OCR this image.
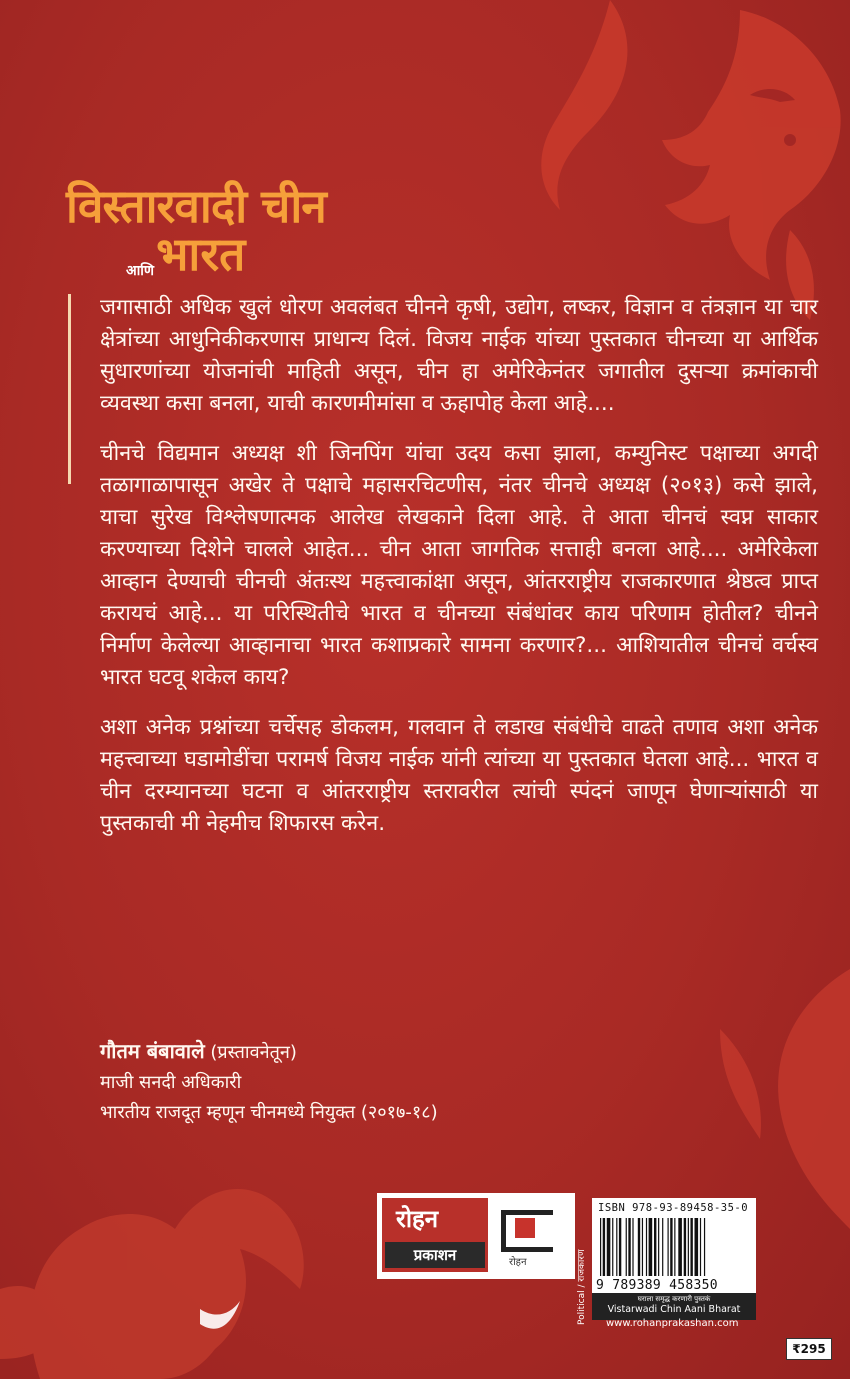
विस्तारवादी चीन
आणिभारत

जगासाठी अधिक खुलं धोरण अवलंबत चीनने कृषी, उद्योग, लष्कर, विज्ञान व तंत्रज्ञान या चार क्षेत्रांच्या आधुनिकीकरणास प्राधान्य दिलं. विजय नाईक यांच्या पुस्तकात चीनच्या या आर्थिक सुधारणांच्या योजनांची माहिती असून, चीन हा अमेरिकेनंतर जगातील दुसऱ्या क्रमांकाची व्यवस्था कसा बनला, याची कारणमीमांसा व ऊहापोह केला आहे....

चीनचे विद्यमान अध्यक्ष शी जिनपिंग यांचा उदय कसा झाला, कम्युनिस्ट पक्षाच्या अगदी तळागाळापासून अखेर ते पक्षाचे महासरचिटणीस, नंतर चीनचे अध्यक्ष (२०१३) कसे झाले, याचा सुरेख विश्लेषणात्मक आलेख लेखकाने दिला आहे. ते आता चीनचं स्वप्न साकार करण्याच्या दिशेने चालले आहेत... चीन आता जागतिक सत्ताही बनला आहे.... अमेरिकेला आव्हान देण्याची चीनची अंतःस्थ महत्त्वाकांक्षा असून, आंतरराष्ट्रीय राजकारणात श्रेष्ठत्व प्राप्त करायचं आहे... या परिस्थितीचे भारत व चीनच्या संबंधांवर काय परिणाम होतील? चीनने निर्माण केलेल्या आव्हानाचा भारत कशाप्रकारे सामना करणार?... आशियातील चीनचं वर्चस्व भारत घटवू शकेल काय?

अशा अनेक प्रश्नांच्या चर्चेसह डोकलम, गलवान ते लडाख संबंधीचे वाढते तणाव अशा अनेक महत्त्वाच्या घडामोडींचा परामर्ष विजय नाईक यांनी त्यांच्या या पुस्तकात घेतला आहे... भारत व चीन दरम्यानच्या घटना व आंतरराष्ट्रीय स्तरावरील त्यांची स्पंदनं जाणून घेणाऱ्यांसाठी या पुस्तकाची मी नेहमीच शिफारस करेन.

गौतम बंबावाले (प्रस्तावनेतून)
माजी सनदी अधिकारी
भारतीय राजदूत म्हणून चीनमध्ये नियुक्त (२०१७-१८)
रोहन
प्रकाशन	रोहन	Political / राजकारण
ISBN 978-93-89458-35-0
9 789389 458350
घराला समृद्ध करणारी पुस्तकं
Vistarwadi Chin Aani Bharat
www.rohanprakashan.com
₹295
